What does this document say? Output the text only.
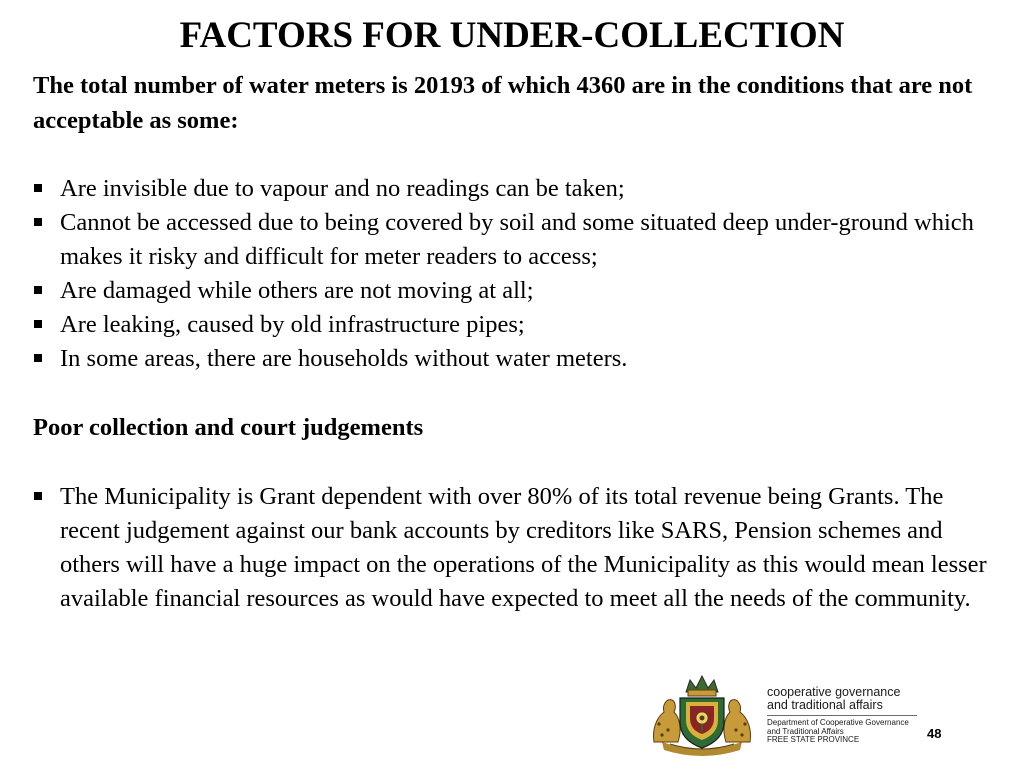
FACTORS FOR UNDER-COLLECTION

The total number of water meters is 20193 of which 4360 are in the conditions that are not acceptable as some:

Are invisible due to vapour and no readings can be taken;
Cannot be accessed due to being covered by soil and some situated deep under-ground which makes it risky and difficult for meter readers to access;
Are damaged while others are not moving at all;
Are leaking, caused by old infrastructure pipes;
In some areas, there are households without water meters.
Poor collection and court judgements
The Municipality is Grant dependent with over 80% of its total revenue being Grants. The recent judgement against our bank accounts by creditors like SARS, Pension schemes and others will have a huge impact on the operations of the Municipality as this would mean lesser available financial resources as would have expected to meet all the needs of the community.
cooperative governance
and traditional affairs
Department of Cooperative Governance
and Traditional Affairs
FREE STATE PROVINCE	48
